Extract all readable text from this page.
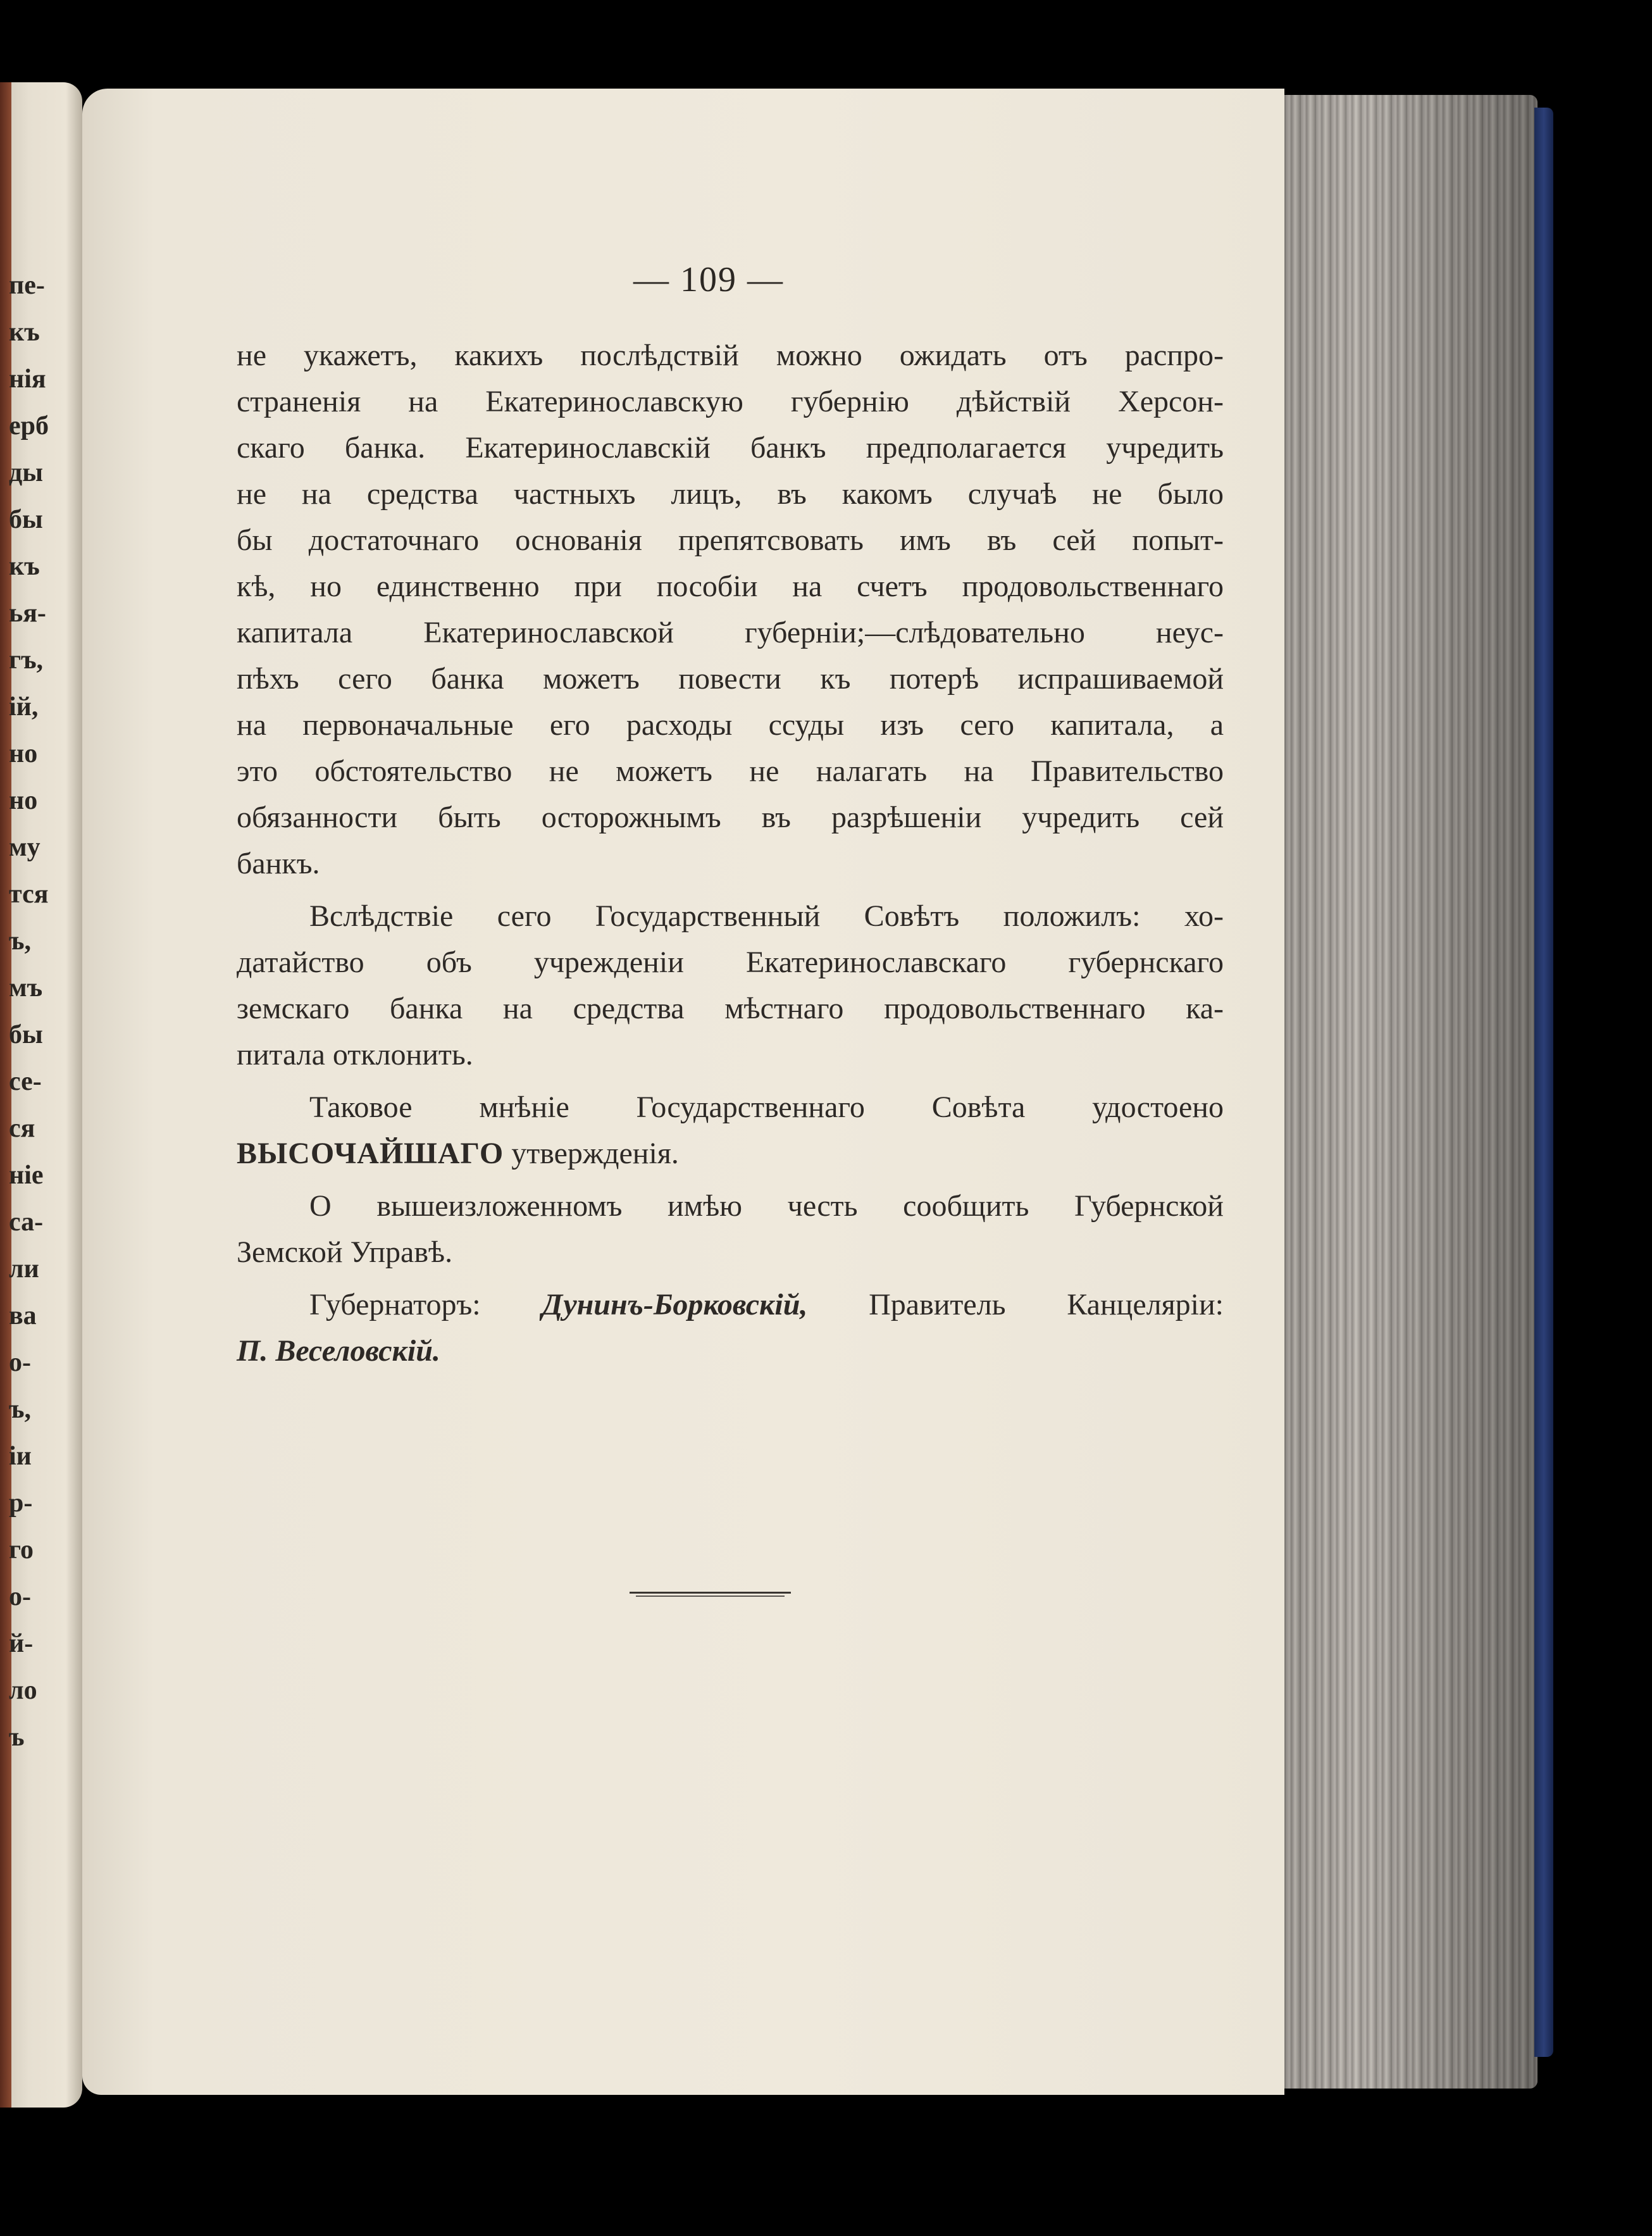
пе-
къ
нія
ерб
ды
бы
къ
ья-
гъ,
ій,
но
но
му
тся
ъ,
мъ
бы
се-
ся
ніе
са-
ли
ва
о-
ъ,
іи
р-
го
о-
й-
ло
ъ
— 109 —
не укажетъ, какихъ послѣдствій можно ожидать отъ распро-
страненія на Екатеринославскую губернію дѣйствій Херсон-
скаго банка. Екатеринославскій банкъ предполагается учредить
не на средства частныхъ лицъ, въ какомъ случаѣ не было
бы достаточнаго основанія препятсвовать имъ въ сей попыт-
кѣ, но единственно при пособіи на счетъ продовольственнаго
капитала Екатеринославской губерніи;—слѣдовательно неус-
пѣхъ сего банка можетъ повести къ потерѣ испрашиваемой
на первоначальные его расходы ссуды изъ сего капитала, а
это обстоятельство не можетъ не налагать на Правительство
обязанности быть осторожнымъ въ разрѣшеніи учредить сей
банкъ.
Вслѣдствіе сего Государственный Совѣтъ положилъ: хо-
датайство объ учрежденіи Екатеринославскаго губернскаго
земскаго банка на средства мѣстнаго продовольственнаго ка-
питала отклонить.
Таковое мнѣніе Государственнаго Совѣта удостоено
ВЫСОЧАЙШАГО утвержденія.
О вышеизложенномъ имѣю честь сообщить Губернской
Земской Управѣ.
Губернаторъ: Дунинъ-Борковскій, Правитель Канцеляріи:
П. Веселовскій.
